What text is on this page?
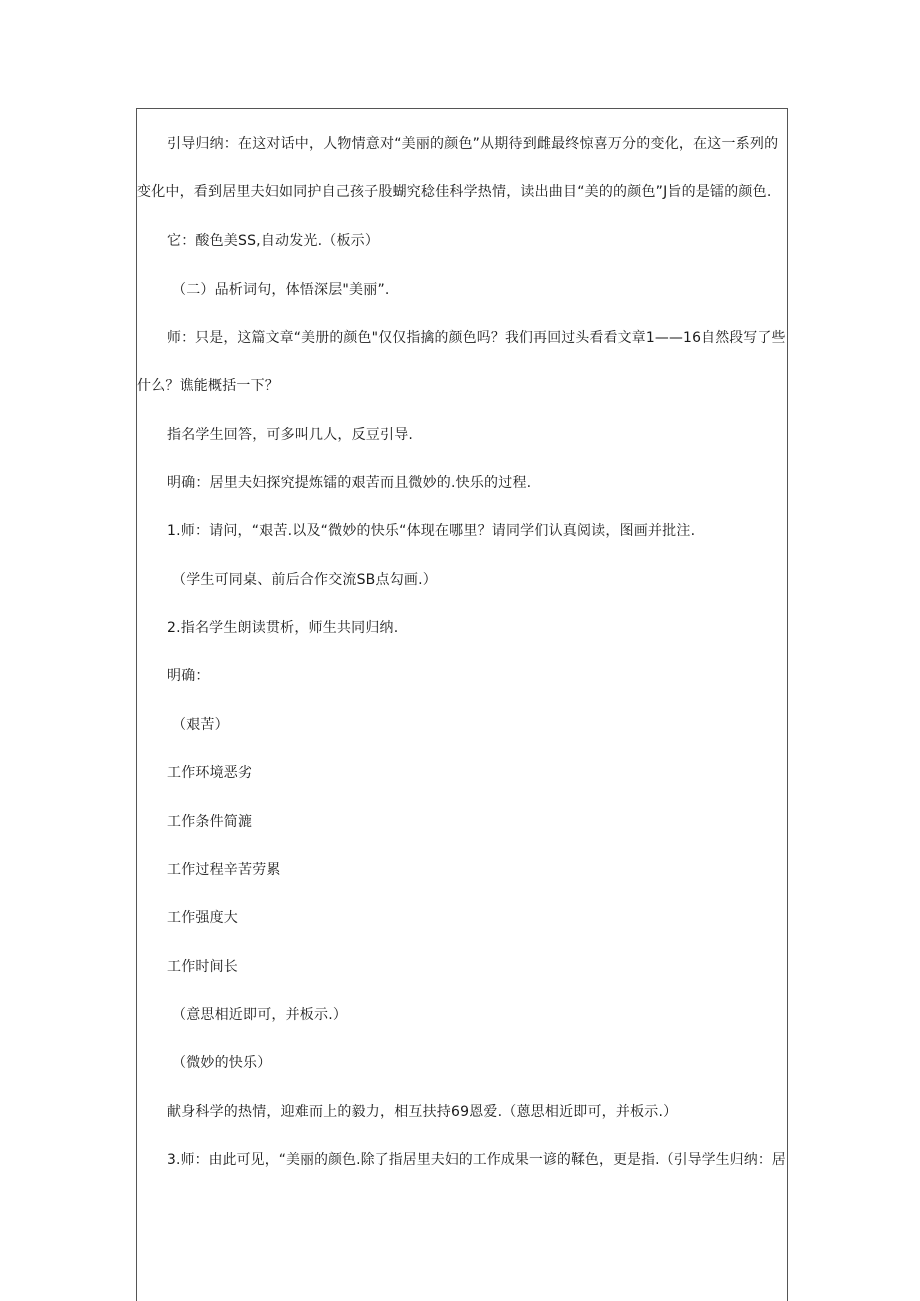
引导归纳：在这对话中，人物情意对“美丽的颜色”从期待到雌最终惊喜万分的变化，在这一系列的
变化中，看到居里夫妇如同护自己孩子股蝴究稔佳科学热情，读出曲目“美的的颜色”J旨的是镭的颜色.
它：酸色美SS,自动发光.（板示）
（二）品析词句，体悟深层"美丽”.
师：只是，这篇文章“美册的颜色"仅仅指擒的颜色吗？我们再回过头看看文章1——16自然段写了些
什么？谯能概括一下？
指名学生回答，可多叫几人，反豆引导.
明确：居里夫妇探究提炼镭的艰苦而且微妙的.快乐的过程.
1.师：请问，“艰苦.以及“微妙的快乐“体现在哪里？请同学们认真阅读，图画并批注.
（学生可同桌、前后合作交流SB点勾画.）
2.指名学生朗读贯析，师生共同归纳.
明确：
（艰苦）
工作环境恶劣
工作条件简漉
工作过程辛苦劳累
工作强度大
工作时间长
（意思相近即可，并板示.）
（微妙的快乐）
献身科学的热情，迎难而上的毅力，相互扶持69恩爱.（蒽思相近即可，并板示.）
3.师：由此可见，“美丽的颜色.除了指居里夫妇的工作成果一谚的鞣色，更是指.（引导学生归纳：居
